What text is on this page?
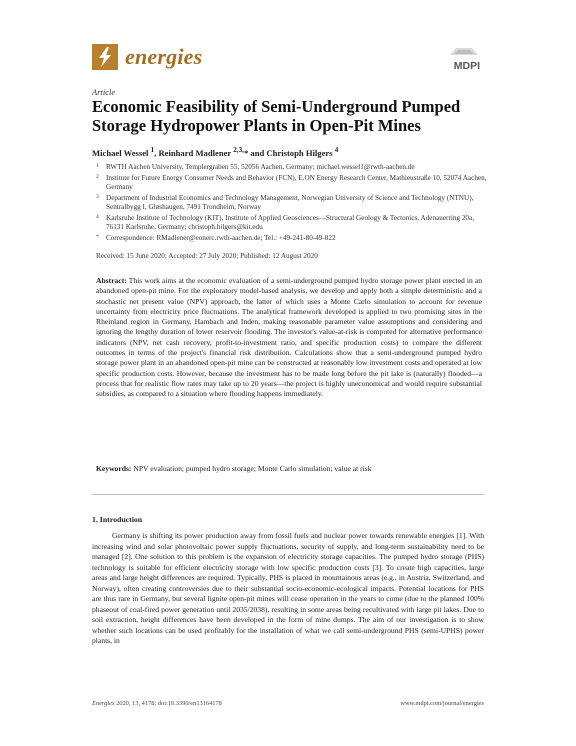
energies	MDPI
Article
Economic Feasibility of Semi-Underground Pumped Storage Hydropower Plants in Open-Pit Mines
Michael Wessel $^1$, Reinhard Madlener $^{2,3,}$* and Christoph Hilgers $^4$
1 RWTH Aachen University, Templergraben 55, 52056 Aachen, Germany; michael.wessel1@rwth-aachen.de
2 Institute for Future Energy Consumer Needs and Behavior (FCN), E.ON Energy Research Center, Mathieustraße 10, 52074 Aachen, Germany
3 Department of Industrial Economics and Technology Management, Norwegian University of Science and Technology (NTNU), Sentralbygg I, Gløshaugen, 7491 Trondheim, Norway
4 Karlsruhe Institute of Technology (KIT), Institute of Applied Geosciences—Structural Geology & Tectonics, Adenauerring 20a, 76131 Karlsruhe, Germany; christoph.hilgers@kit.edu
* Correspondence: RMadlener@eonerc.rwth-aachen.de; Tel.: +49-241-80-49-822
Received: 15 June 2020; Accepted: 27 July 2020; Published: 12 August 2020
Abstract: This work aims at the economic evaluation of a semi-underground pumped hydro storage power plant erected in an abandoned open-pit mine. For the exploratory model-based analysis, we develop and apply both a simple deterministic and a stochastic net present value (NPV) approach, the latter of which uses a Monte Carlo simulation to account for revenue uncertainty from electricity price fluctuations. The analytical framework developed is applied to two promising sites in the Rheinland region in Germany, Hambach and Inden, making reasonable parameter value assumptions and considering and ignoring the lengthy duration of lower reservoir flooding. The investor's value-at-risk is computed for alternative performance indicators (NPV, net cash recovery, profit-to-investment ratio, and specific production costs) to compare the different outcomes in terms of the project's financial risk distribution. Calculations show that a semi-underground pumped hydro storage power plant in an abandoned open-pit mine can be constructed at reasonably low investment costs and operated at low specific production costs. However, because the investment has to be made long before the pit lake is (naturally) flooded—a process that for realistic flow rates may take up to 20 years—the project is highly uneconomical and would require substantial subsidies, as compared to a situation where flooding happens immediately.
Keywords: NPV evaluation; pumped hydro storage; Monte Carlo simulation; value at risk
1. Introduction
Germany is shifting its power production away from fossil fuels and nuclear power towards renewable energies [1]. With increasing wind and solar photovoltaic power supply fluctuations, security of supply, and long-term sustainability need to be managed [2]. One solution to this problem is the expansion of electricity storage capacities. The pumped hydro storage (PHS) technology is suitable for efficient electricity storage with low specific production costs [3]. To create high capacities, large areas and large height differences are required. Typically, PHS is placed in mountainous areas (e.g., in Austria, Switzerland, and Norway), often creating controversies due to their substantial socio-economic-ecological impacts. Potential locations for PHS are thus rare in Germany, but several lignite open-pit mines will cease operation in the years to come (due to the planned 100% phaseout of coal-fired power generation until 2035/2038), resulting in some areas being recultivated with large pit lakes. Due to soil extraction, height differences have been developed in the form of mine dumps. The aim of our investigation is to show whether such locations can be used profitably for the installation of what we call semi-underground PHS (semi-UPHS) power plants, in
Energies 2020, 13, 4178; doi:10.3390/en13164178	www.mdpi.com/journal/energies
